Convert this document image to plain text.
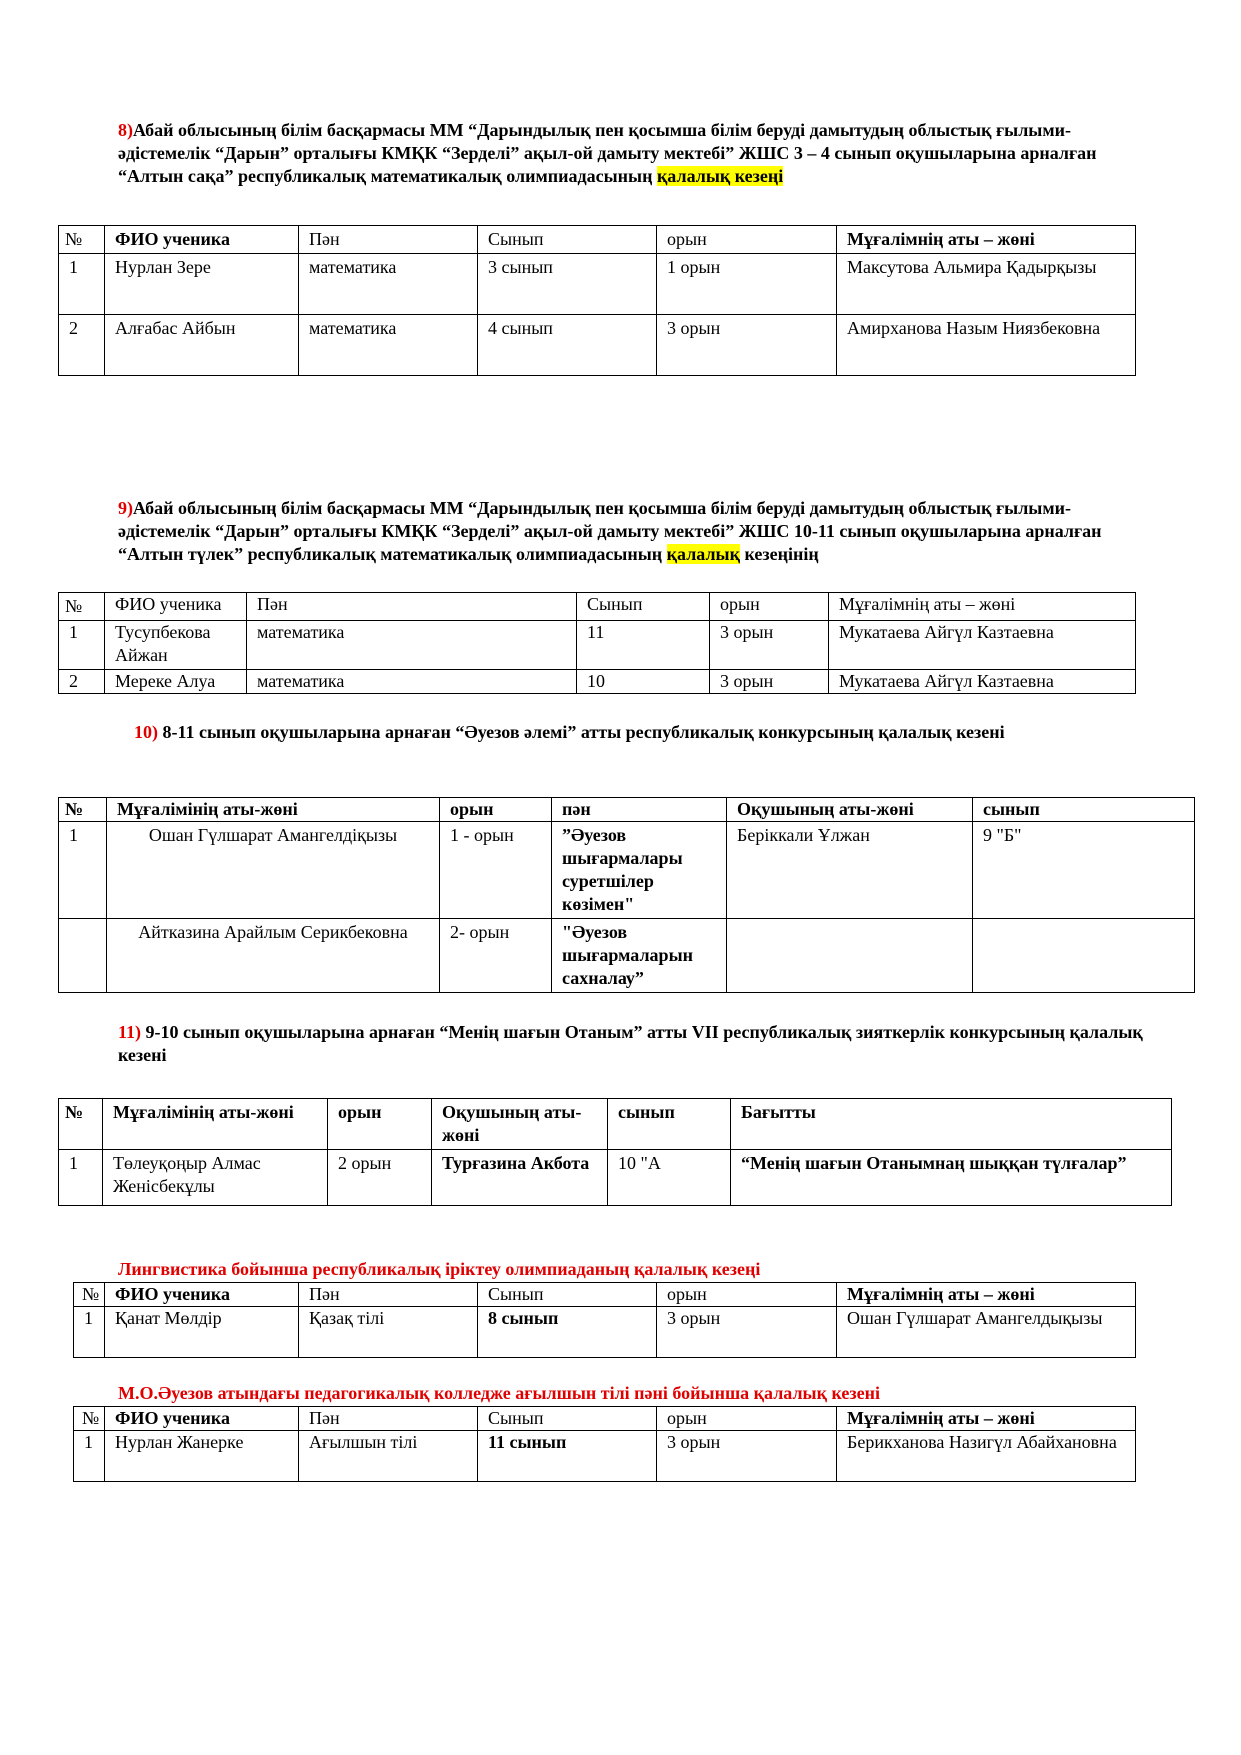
8)Абай облысының білім басқармасы ММ “Дарындылық пен қосымша білім беруді дамытудың облыстық ғылыми-әдістемелік “Дарын” орталығы КМҚК “Зерделі” ақыл-ой дамыту мектебі” ЖШС 3 – 4 сынып оқушыларына арналған “Алтын сақа” республикалық математикалық олимпиадасының қалалық кезеңі
№	ФИО ученика	Пән	Сынып	орын	Мұғалімнің аты – жөні
1	Нурлан Зере	математика	3 сынып	1 орын	Максутова Альмира Қадырқызы
2	Алғабас Айбын	математика	4 сынып	3 орын	Амирханова Назым Ниязбековна
9)Абай облысының білім басқармасы ММ “Дарындылық пен қосымша білім беруді дамытудың облыстық ғылыми-әдістемелік “Дарын” орталығы КМҚК “Зерделі” ақыл-ой дамыту мектебі” ЖШС 10-11 сынып оқушыларына арналған “Алтын түлек” республикалық математикалық олимпиадасының қалалық кезеңінің
№	ФИО ученика	Пән	Сынып	орын	Мұғалімнің аты – жөні
1	Тусупбекова Айжан	математика	11	3 орын	Мукатаева Айгүл Казтаевна
2	Мереке Алуа	математика	10	3 орын	Мукатаева Айгүл Казтаевна
10) 8-11 сынып оқушыларына арнаған “Әуезов әлемі” атты республикалық конкурсының қалалық кезені
№	Мұғалімінің аты-жөні	орын	пән	Оқушының аты-жөні	сынып
1	Ошан Гүлшарат Амангелдіқызы	1 - орын	”Әуезов шығармалары суретшілер көзімен"	Беріккали Ұлжан	9 "Б"
	Айтказина Арайлым Серикбековна	2- орын	"Әуезов шығармаларын сахналау”		
11) 9-10 сынып оқушыларына арнаған “Менің шағын Отаным” атты VII республикалық зияткерлік конкурсының қалалық кезені
№	Мұғалімінің аты-жөні	орын	Оқушының аты-жөні	сынып	Бағытты
1	Төлеуқоңыр Алмас Женісбекұлы	2 орын	Турғазина Акбота	10 "А	“Менің шағын Отанымнаң шыққан түлғалар”
Лингвистика бойынша республикалық іріктеу олимпиаданың қалалық кезеңі
№	ФИО ученика	Пән	Сынып	орын	Мұғалімнің аты – жөні
1	Қанат Мөлдір	Қазақ тілі	8 сынып	3 орын	Ошан Гүлшарат Амангелдықызы
М.О.Әуезов атындағы педагогикалық колледже ағылшын тілі пәні бойынша қалалық кезені
№	ФИО ученика	Пән	Сынып	орын	Мұғалімнің аты – жөні
1	Нурлан Жанерке	Ағылшын тілі	11 сынып	3 орын	Берикханова Назигүл Абайхановна
